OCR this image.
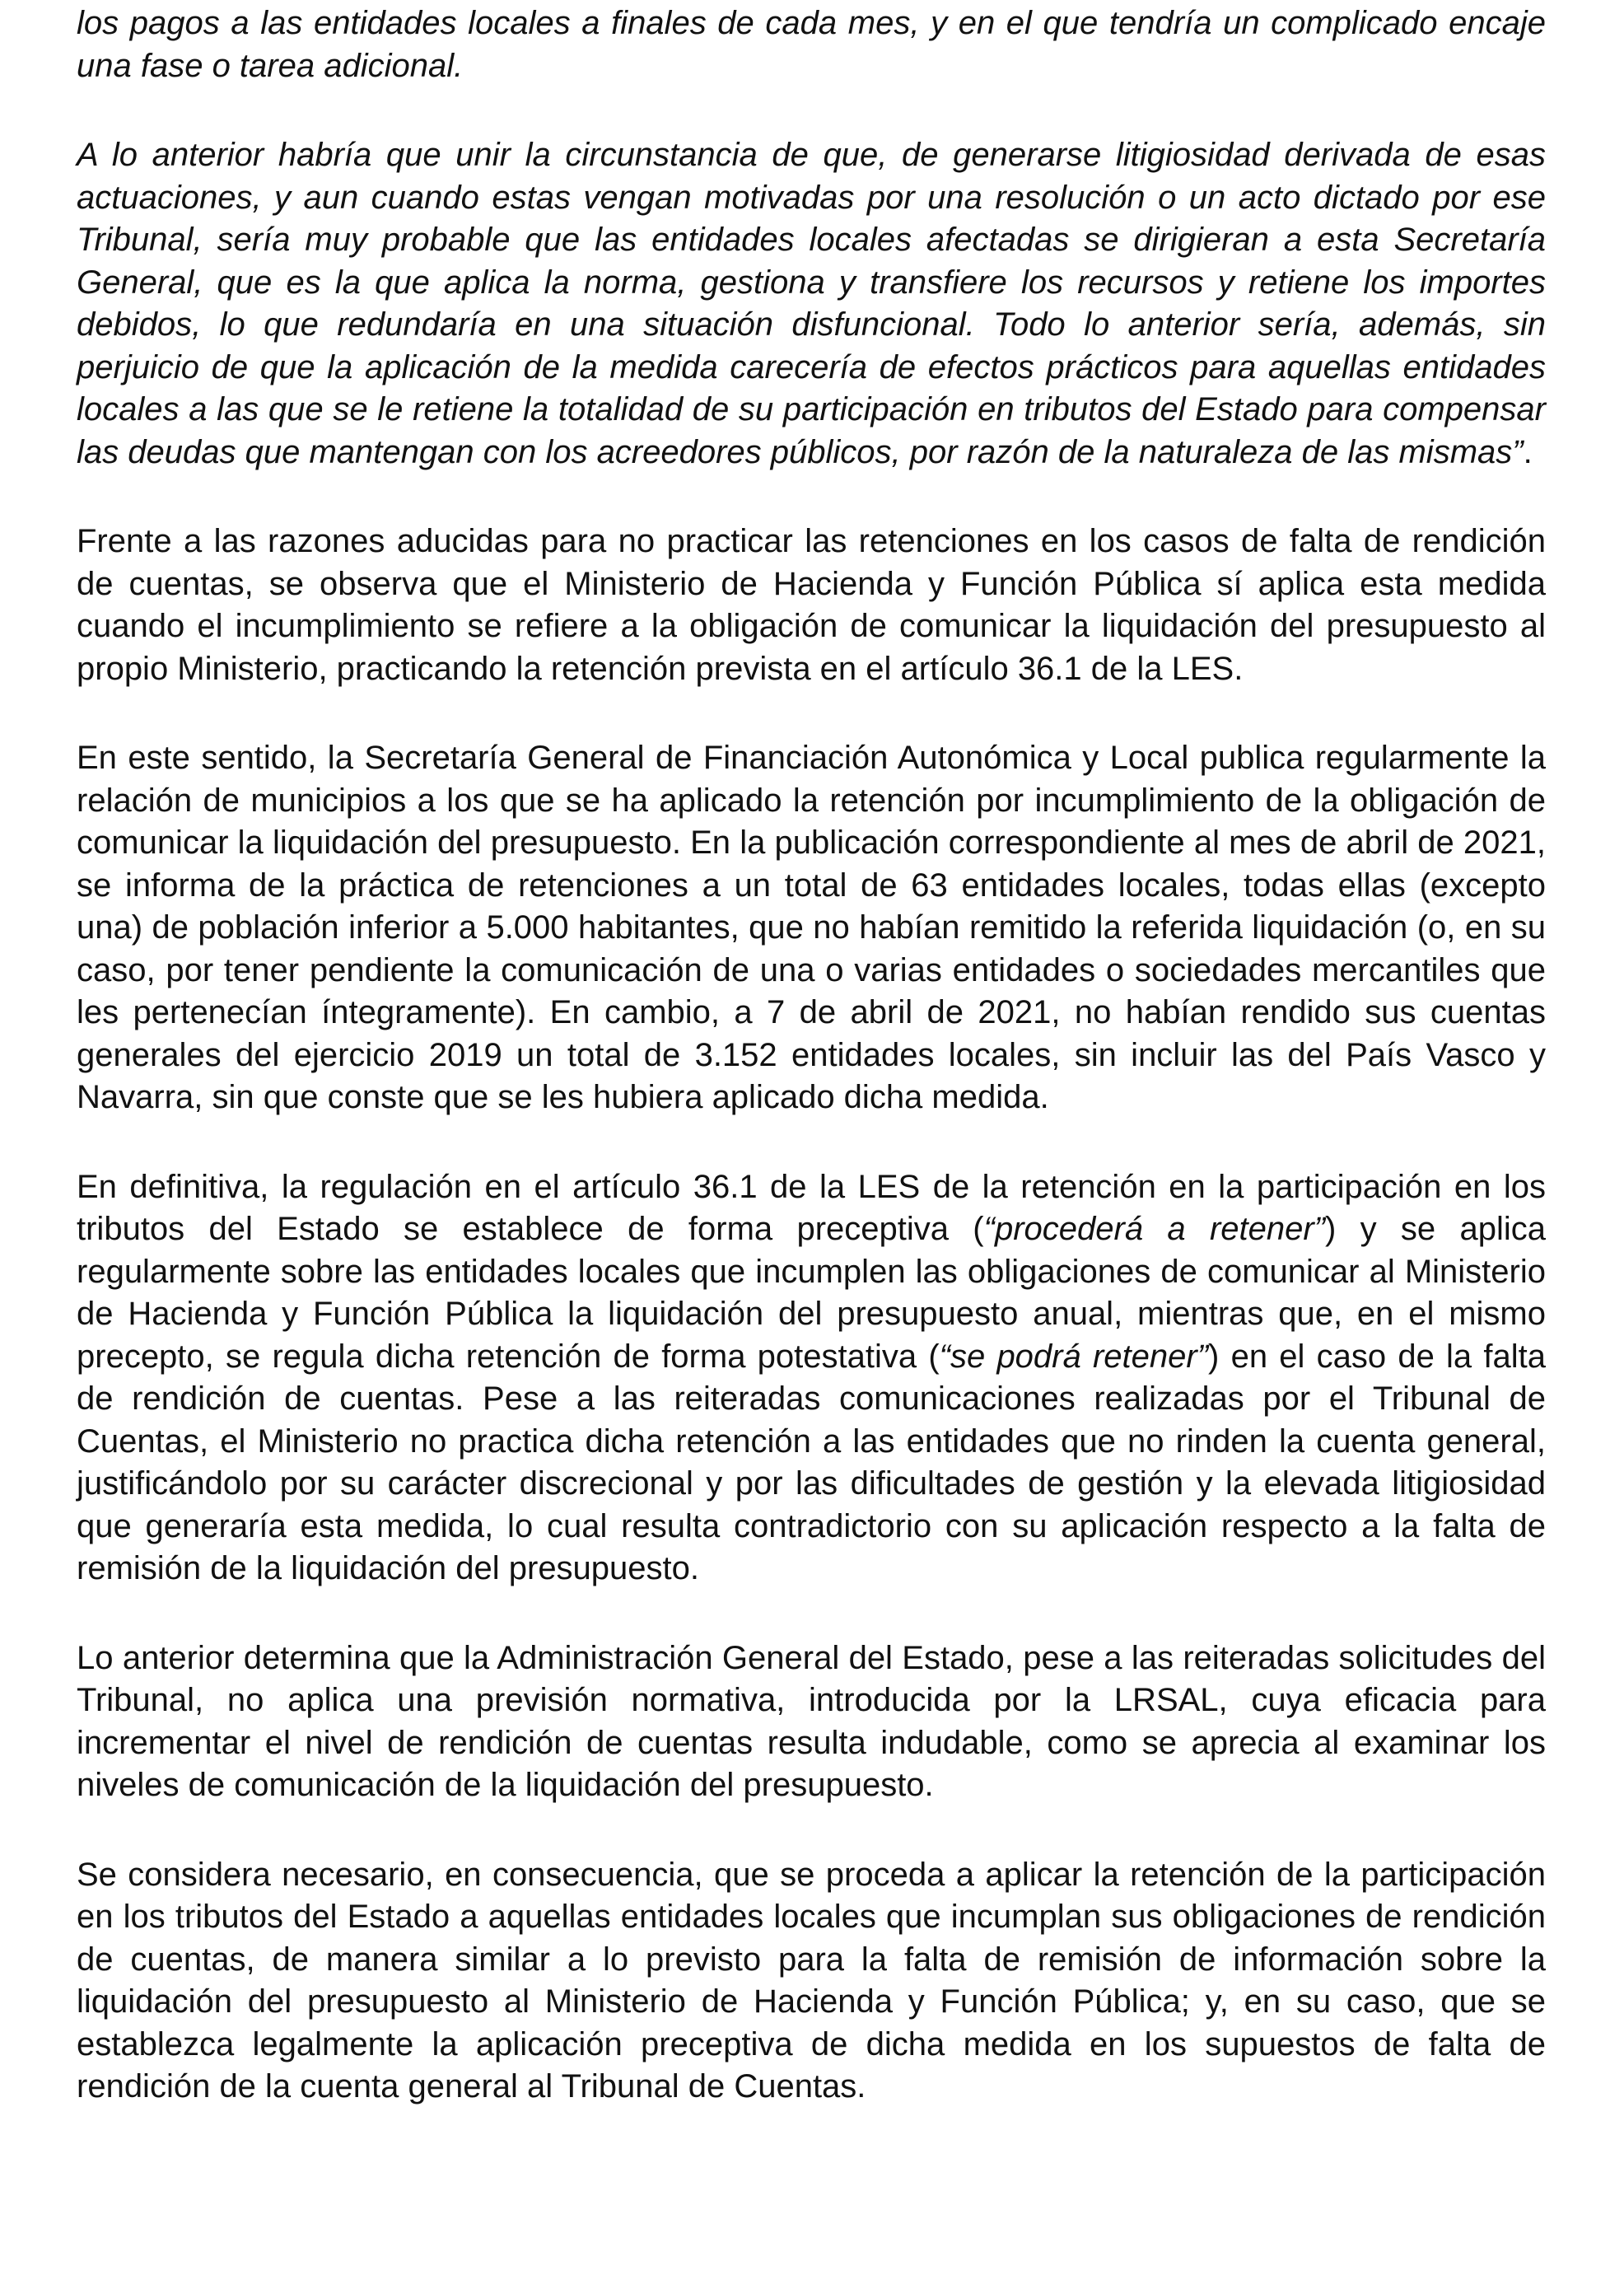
los pagos a las entidades locales a finales de cada mes, y en el que tendría un complicado encaje una fase o tarea adicional.

A lo anterior habría que unir la circunstancia de que, de generarse litigiosidad derivada de esas actuaciones, y aun cuando estas vengan motivadas por una resolución o un acto dictado por ese Tribunal, sería muy probable que las entidades locales afectadas se dirigieran a esta Secretaría General, que es la que aplica la norma, gestiona y transfiere los recursos y retiene los importes debidos, lo que redundaría en una situación disfuncional. Todo lo anterior sería, además, sin perjuicio de que la aplicación de la medida carecería de efectos prácticos para aquellas entidades locales a las que se le retiene la totalidad de su participación en tributos del Estado para compensar las deudas que mantengan con los acreedores públicos, por razón de la naturaleza de las mismas”.

Frente a las razones aducidas para no practicar las retenciones en los casos de falta de rendición de cuentas, se observa que el Ministerio de Hacienda y Función Pública sí aplica esta medida cuando el incumplimiento se refiere a la obligación de comunicar la liquidación del presupuesto al propio Ministerio, practicando la retención prevista en el artículo 36.1 de la LES.

En este sentido, la Secretaría General de Financiación Autonómica y Local publica regularmente la relación de municipios a los que se ha aplicado la retención por incumplimiento de la obligación de comunicar la liquidación del presupuesto. En la publicación correspondiente al mes de abril de 2021, se informa de la práctica de retenciones a un total de 63 entidades locales, todas ellas (excepto una) de población inferior a 5.000 habitantes, que no habían remitido la referida liquidación (o, en su caso, por tener pendiente la comunicación de una o varias entidades o sociedades mercantiles que les pertenecían íntegramente). En cambio, a 7 de abril de 2021, no habían rendido sus cuentas generales del ejercicio 2019 un total de 3.152 entidades locales, sin incluir las del País Vasco y Navarra, sin que conste que se les hubiera aplicado dicha medida.

En definitiva, la regulación en el artículo 36.1 de la LES de la retención en la participación en los tributos del Estado se establece de forma preceptiva (“procederá a retener”) y se aplica regularmente sobre las entidades locales que incumplen las obligaciones de comunicar al Ministerio de Hacienda y Función Pública la liquidación del presupuesto anual, mientras que, en el mismo precepto, se regula dicha retención de forma potestativa (“se podrá retener”) en el caso de la falta de rendición de cuentas. Pese a las reiteradas comunicaciones realizadas por el Tribunal de Cuentas, el Ministerio no practica dicha retención a las entidades que no rinden la cuenta general, justificándolo por su carácter discrecional y por las dificultades de gestión y la elevada litigiosidad que generaría esta medida, lo cual resulta contradictorio con su aplicación respecto a la falta de remisión de la liquidación del presupuesto.

Lo anterior determina que la Administración General del Estado, pese a las reiteradas solicitudes del Tribunal, no aplica una previsión normativa, introducida por la LRSAL, cuya eficacia para incrementar el nivel de rendición de cuentas resulta indudable, como se aprecia al examinar los niveles de comunicación de la liquidación del presupuesto.

Se considera necesario, en consecuencia, que se proceda a aplicar la retención de la participación en los tributos del Estado a aquellas entidades locales que incumplan sus obligaciones de rendición de cuentas, de manera similar a lo previsto para la falta de remisión de información sobre la liquidación del presupuesto al Ministerio de Hacienda y Función Pública; y, en su caso, que se establezca legalmente la aplicación preceptiva de dicha medida en los supuestos de falta de rendición de la cuenta general al Tribunal de Cuentas.
